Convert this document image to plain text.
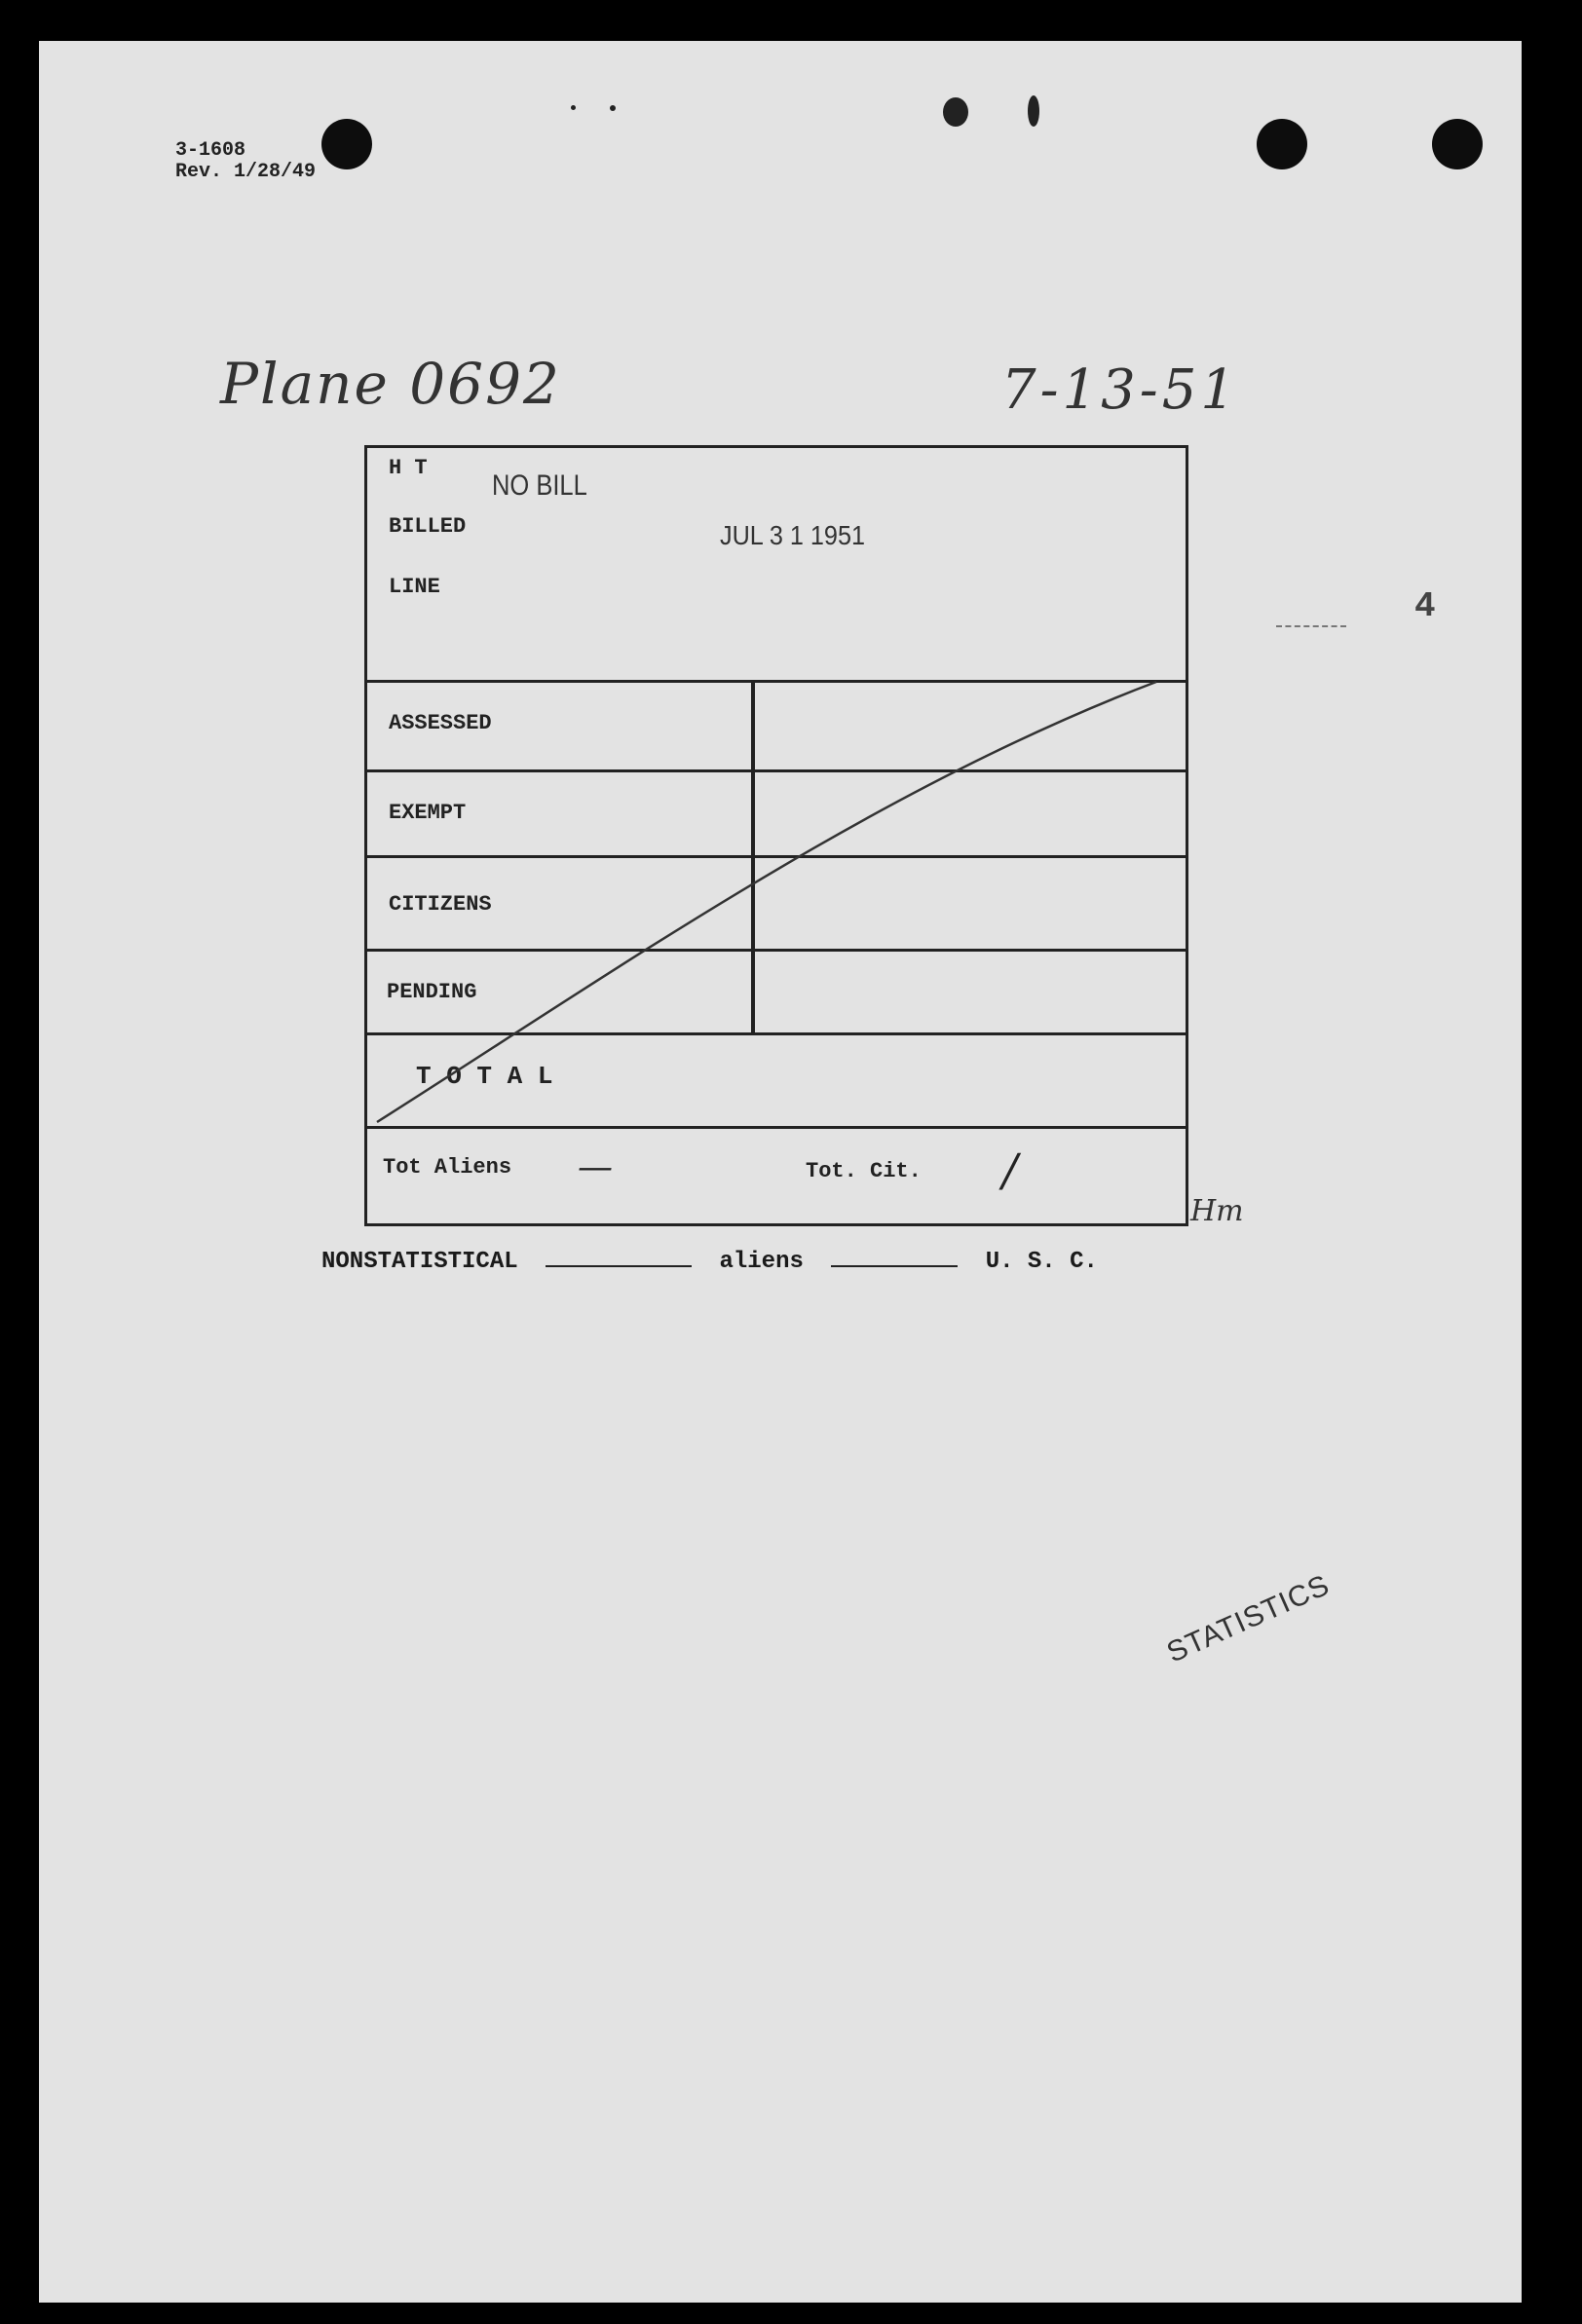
3-1608
Rev. 1/28/49
Plane 0692	7-13-51
4
H T
BILLED
LINE
NO BILL
JUL 3 1 1951
ASSESSED
EXEMPT
CITIZENS
PENDING
T O T A L
Tot Aliens —	Tot. Cit. /
Hm
NONSTATISTICAL	aliens	U. S. C.
STATISTICS
